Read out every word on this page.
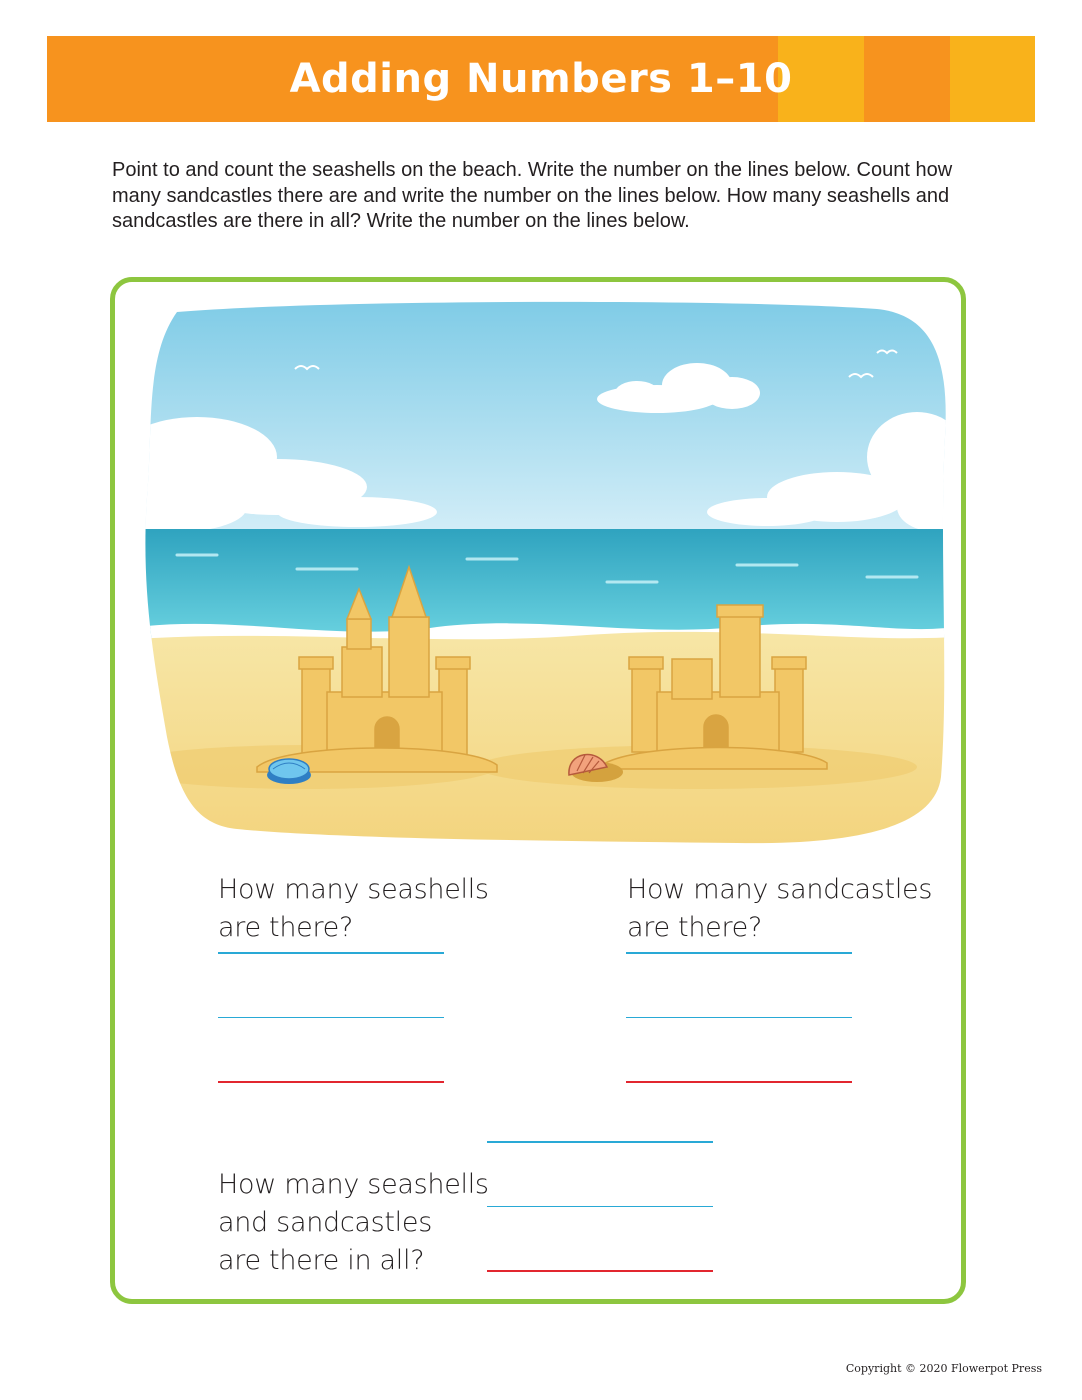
Adding Numbers 1–10
Point to and count the seashells on the beach. Write the number on the lines below. Count how many sandcastles there are and write the number on the lines below. How many seashells and sandcastles are there in all? Write the number on the lines below.
How many seashells
are there?
How many sandcastles
are there?
How many seashells
and sandcastles
are there in all?
Copyright © 2020 Flowerpot Press
